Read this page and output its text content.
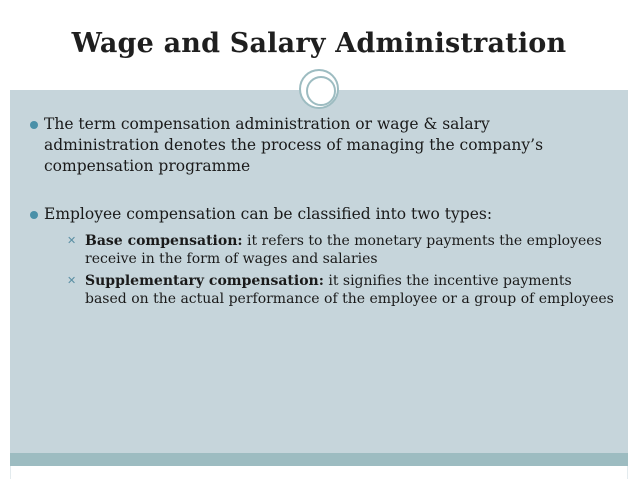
Wage and Salary Administration
The term compensation administration or wage & salary administration denotes the process of managing the company’s compensation programme
Employee compensation can be classified into two types:
✕ Base compensation: it refers to the monetary payments the employees receive in the form of wages and salaries
✕ Supplementary compensation: it signifies the incentive payments based on the actual performance of the employee or a group of employees
